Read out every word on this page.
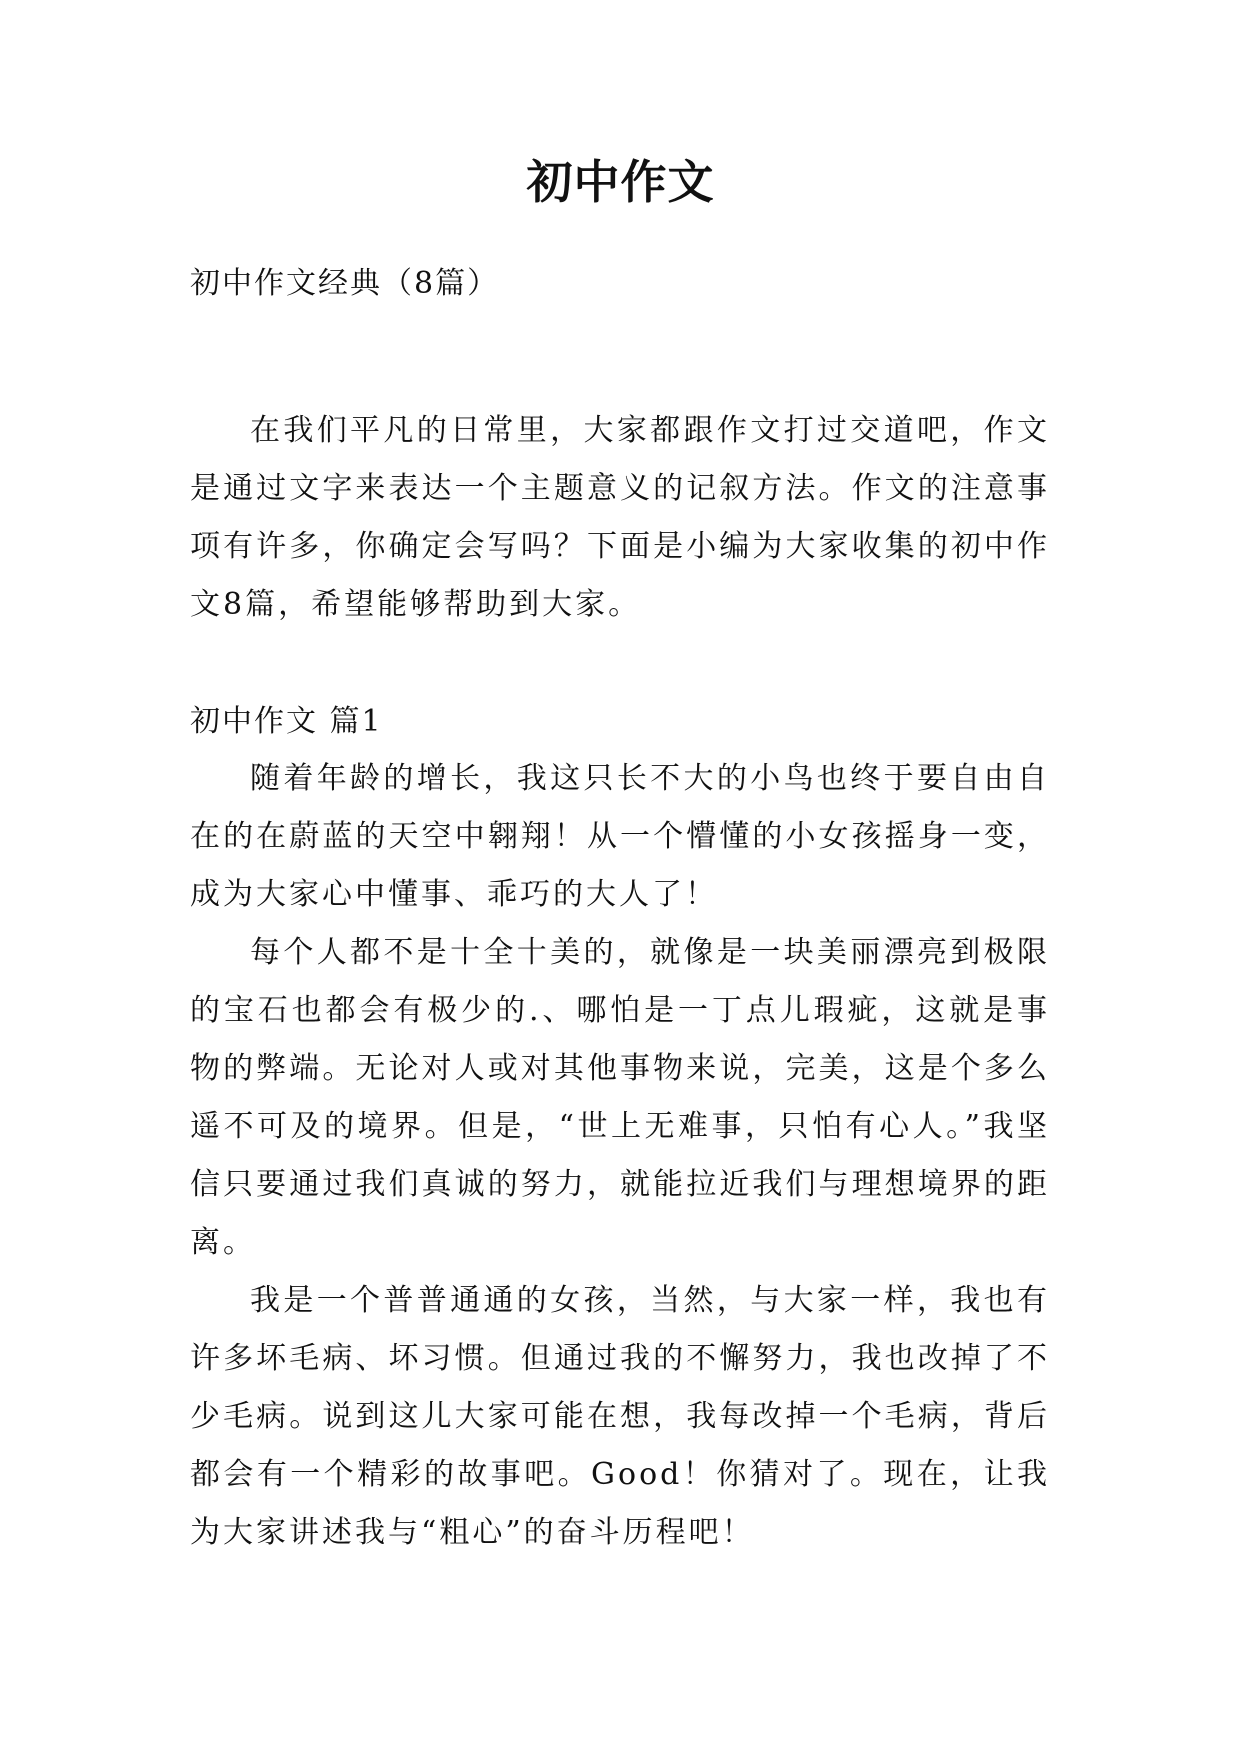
初中作文
初中作文经典（8篇）

在我们平凡的日常里，大家都跟作文打过交道吧，作文是通过文字来表达一个主题意义的记叙方法。作文的注意事项有许多，你确定会写吗？下面是小编为大家收集的初中作文8篇，希望能够帮助到大家。

初中作文 篇1

随着年龄的增长，我这只长不大的小鸟也终于要自由自在的在蔚蓝的天空中翱翔！从一个懵懂的小女孩摇身一变，成为大家心中懂事、乖巧的大人了！

每个人都不是十全十美的，就像是一块美丽漂亮到极限的宝石也都会有极少的.、哪怕是一丁点儿瑕疵，这就是事物的弊端。无论对人或对其他事物来说，完美，这是个多么遥不可及的境界。但是，“世上无难事，只怕有心人。”我坚信只要通过我们真诚的努力，就能拉近我们与理想境界的距离。

我是一个普普通通的女孩，当然，与大家一样，我也有许多坏毛病、坏习惯。但通过我的不懈努力，我也改掉了不少毛病。说到这儿大家可能在想，我每改掉一个毛病，背后都会有一个精彩的故事吧。Good！你猜对了。现在，让我为大家讲述我与“粗心”的奋斗历程吧！
